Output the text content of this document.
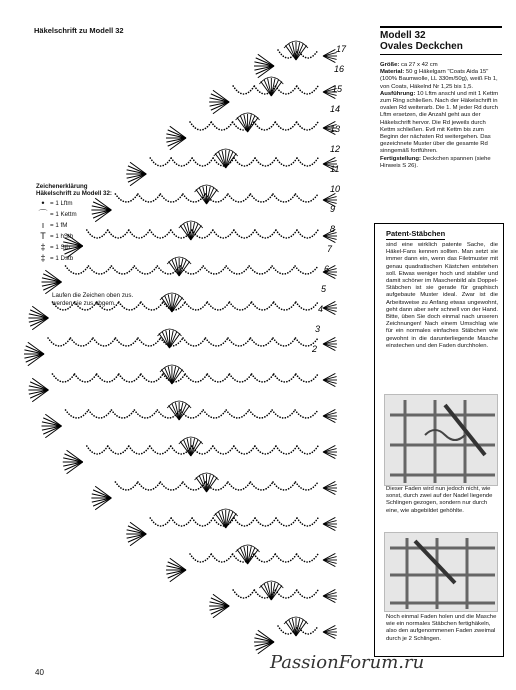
Häkelschrift zu Modell 32
17
16
15
14
13
12
11
10
9
8
7
6
5
4
3
2
Zeichenerklärung
Häkelschrift zu Modell 32:
• = 1 Lftm
⌒ = 1 Kettm
ı = 1 fM
T = 1 hStb
‡ = 1 Stb
‡ = 1 Dstb
Laufen die Zeichen oben zus. werden sie zus abgem.
Modell 32
Ovales Deckchen
Größe: ca 27 x 42 cm
Material: 50 g Häkelgarn "Coats Aida 15" (100% Baumwolle, LL 330m/50g), weiß Fb 1, von Coats, Häkelnd Nr 1,25 bis 1,5.
Ausführung: 10 Lftm anschl und mit 1 Kettm zum Ring schließen. Nach der Häkelschrift in ovalen Rd weiterarb. Die 1. M jeder Rd durch Lftm ersetzen, die Anzahl geht aus der Häkelschrift hervor. Die Rd jeweils durch Kettm schließen. Evtl mit Kettm bis zum Beginn der nächsten Rd weitergehen. Das gezeichnete Muster über die gesamte Rd sinngemäß fortführen.
Fertigstellung: Deckchen spannen (siehe Hinweis S 26).
Patent-Stäbchen
sind eine wirklich patente Sache, die Häkel-Fans kennen sollten. Man setzt sie immer dann ein, wenn das Filetmuster mit genau quadratischen Kästchen entstehen soll. Etwas weniger hoch und stabiler und damit schöner im Maschenbild als Doppel-Stäbchen ist sie gerade für graphisch aufgebaute Muster ideal. Zwar ist die Arbeitsweise zu Anfang etwas ungewohnt, geht dann aber sehr schnell von der Hand. Bitte, üben Sie doch einmal nach unseren Zeichnungen! Nach einem Umschlag wie für ein normales einfaches Stäbchen wie gewohnt in die darunterliegende Masche einstechen und den Faden durchholen.
Dieser Faden wird nun jedoch nicht, wie sonst, durch zwei auf der Nadel liegende Schlingen gezogen, sondern nur durch eine, wie abgebildet gehöhlte.
Noch einmal Faden holen und die Masche wie ein normales Stäbchen fertighäkeln, also den aufgenommenen Faden zweimal durch je 2 Schlingen.
40	PassionForum.ru
